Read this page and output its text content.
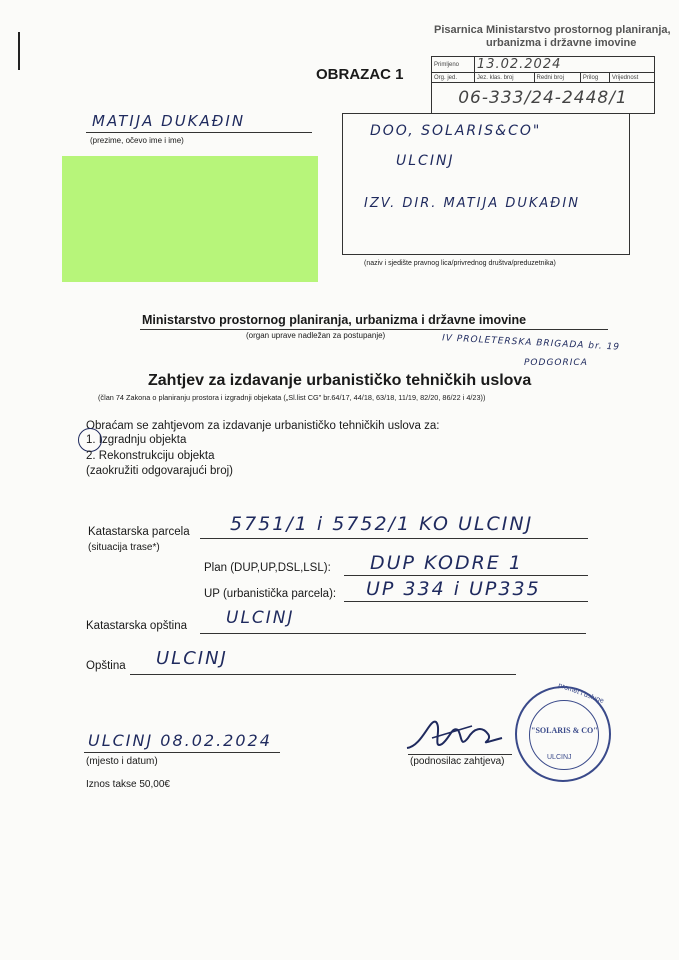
Pisarnica Ministarstvo prostornog planiranja,
urbanizma i državne imovine
Primljeno	13.02.2024			
Org. jed.	Jez. klas. broj	Redni broj	Prilog	Vrijednost
06-333/24-2448/1				
OBRAZAC 1
MATIJA DUKAĐIN
(prezime, očevo ime i ime)
DOO, SOLARIS&CO"
ULCINJ
IZV. DIR. MATIJA DUKAĐIN
(naziv i sjedište pravnog lica/privrednog društva/preduzetnika)
Ministarstvo prostornog planiranja, urbanizma i državne imovine
(organ uprave nadležan za postupanje)	IV PROLETERSKA BRIGADA br. 19
PODGORICA
Zahtjev za izdavanje urbanističko tehničkih uslova
(član 74 Zakona o planiranju prostora i izgradnji objekata („Sl.list CG" br.64/17, 44/18, 63/18, 11/19, 82/20, 86/22 i 4/23))
Obraćam se zahtjevom za izdavanje urbanističko tehničkih uslova za:
1. Izgradnju objekta
2. Rekonstrukciju objekta
(zaokružiti odgovarajući broj)
Katastarska parcela
(situacija trase*)
5751/1 i 5752/1 KO ULCINJ
Plan (DUP,UP,DSL,LSL): DUP KODRE 1
UP (urbanistička parcela): UP 334 i UP335
Katastarska opština ULCINJ
Opština ULCINJ
ULCINJ 08.02.2024
(mjesto i datum)
Iznos takse 50,00€
(podnosilac zahtjeva)
promet i usluge
"SOLARIS & CO"
ULCINJ
